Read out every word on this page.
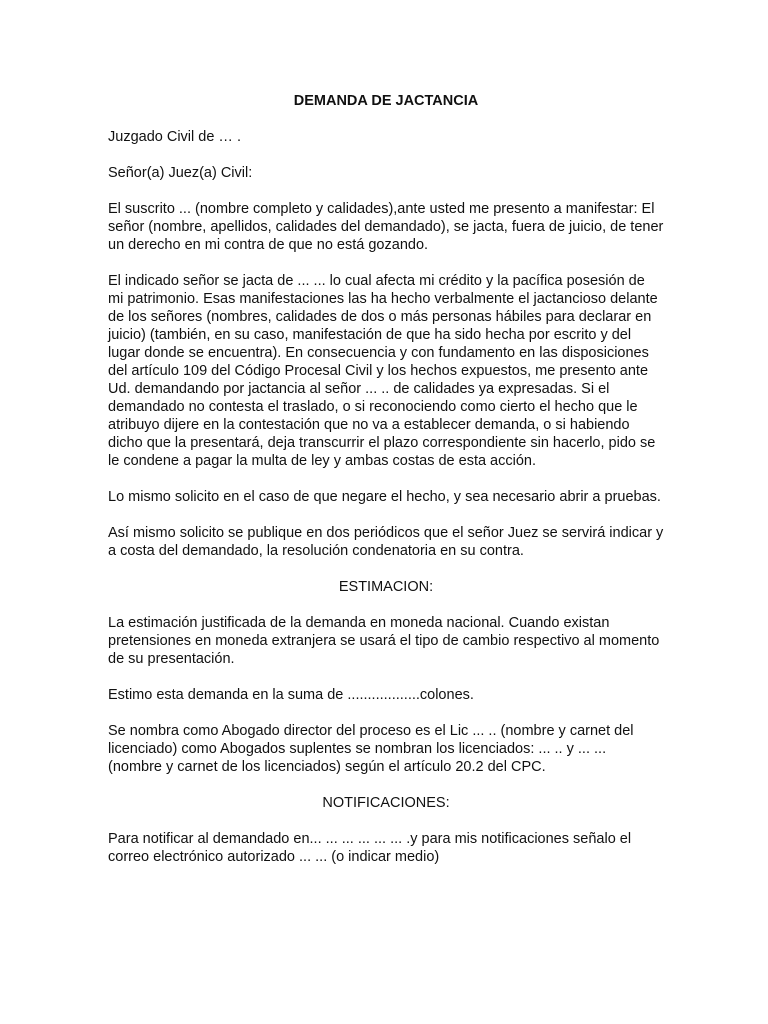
DEMANDA DE JACTANCIA

Juzgado Civil de … .

Señor(a) Juez(a) Civil:

El suscrito ... (nombre completo y calidades),ante usted me presento a manifestar: El señor (nombre, apellidos, calidades del demandado), se jacta, fuera de juicio, de tener un derecho en mi contra de que no está gozando.

El indicado señor se jacta de ... ... lo cual afecta mi crédito y la pacífica posesión de mi patrimonio. Esas manifestaciones las ha hecho verbalmente el jactancioso delante de los señores (nombres, calidades de dos o más personas hábiles para declarar en juicio) (también, en su caso, manifestación de que ha sido hecha por escrito y del lugar donde se encuentra). En consecuencia y con fundamento en las disposiciones del artículo 109 del Código Procesal Civil y los hechos expuestos, me presento ante Ud. demandando por jactancia al señor ... .. de calidades ya expresadas. Si el demandado no contesta el traslado, o si reconociendo como cierto el hecho que le atribuyo dijere en la contestación que no va a establecer demanda, o si habiendo dicho que la presentará, deja transcurrir el plazo correspondiente sin hacerlo, pido se le condene a pagar la multa de ley y ambas costas de esta acción.

Lo mismo solicito en el caso de que negare el hecho, y sea necesario abrir a pruebas.

Así mismo solicito se publique en dos periódicos que el señor Juez se servirá indicar y a costa del demandado, la resolución condenatoria en su contra.

ESTIMACION:

La estimación justificada de la demanda en moneda nacional. Cuando existan pretensiones en moneda extranjera se usará el tipo de cambio respectivo al momento de su presentación.

Estimo esta demanda en la suma de ..................colones.

Se nombra como Abogado director del proceso es el Lic ... .. (nombre y carnet del licenciado) como Abogados suplentes se nombran los licenciados: ... .. y ... ... (nombre y carnet de los licenciados) según el artículo 20.2 del CPC.

NOTIFICACIONES:

Para notificar al demandado en... ... ... ... ... ... .y para mis notificaciones señalo el correo electrónico autorizado ... ... (o indicar medio)
